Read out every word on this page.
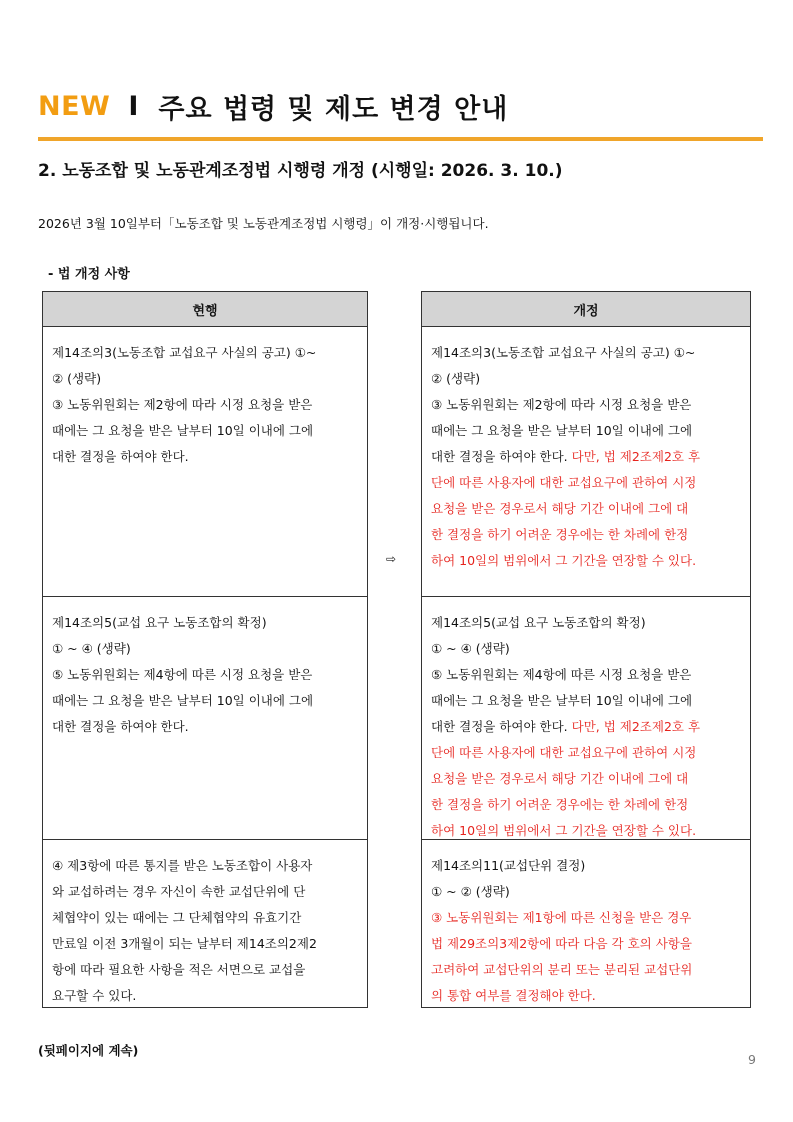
NEW I 주요 법령 및 제도 변경 안내
2. 노동조합 및 노동관계조정법 시행령 개정 (시행일: 2026. 3. 10.)
2026년 3월 10일부터「노동조합 및 노동관계조정법 시행령」이 개정·시행됩니다.
- 법 개정 사항
현행
제14조의3(노동조합 교섭요구 사실의 공고) ①~
② (생략)
③ 노동위원회는 제2항에 따라 시정 요청을 받은
때에는 그 요청을 받은 날부터 10일 이내에 그에
대한 결정을 하여야 한다.
제14조의5(교섭 요구 노동조합의 확정)
① ~ ④ (생략)
⑤ 노동위원회는 제4항에 따른 시정 요청을 받은
때에는 그 요청을 받은 날부터 10일 이내에 그에
대한 결정을 하여야 한다.
④ 제3항에 따른 통지를 받은 노동조합이 사용자
와 교섭하려는 경우 자신이 속한 교섭단위에 단
체협약이 있는 때에는 그 단체협약의 유효기간
만료일 이전 3개월이 되는 날부터 제14조의2제2
항에 따라 필요한 사항을 적은 서면으로 교섭을
요구할 수 있다.
⇨
개정
제14조의3(노동조합 교섭요구 사실의 공고) ①~
② (생략)
③ 노동위원회는 제2항에 따라 시정 요청을 받은
때에는 그 요청을 받은 날부터 10일 이내에 그에
대한 결정을 하여야 한다. 다만, 법 제2조제2호 후
단에 따른 사용자에 대한 교섭요구에 관하여 시정
요청을 받은 경우로서 해당 기간 이내에 그에 대
한 결정을 하기 어려운 경우에는 한 차례에 한정
하여 10일의 범위에서 그 기간을 연장할 수 있다.
제14조의5(교섭 요구 노동조합의 확정)
① ~ ④ (생략)
⑤ 노동위원회는 제4항에 따른 시정 요청을 받은
때에는 그 요청을 받은 날부터 10일 이내에 그에
대한 결정을 하여야 한다. 다만, 법 제2조제2호 후
단에 따른 사용자에 대한 교섭요구에 관하여 시정
요청을 받은 경우로서 해당 기간 이내에 그에 대
한 결정을 하기 어려운 경우에는 한 차례에 한정
하여 10일의 범위에서 그 기간을 연장할 수 있다.
제14조의11(교섭단위 결정)
① ~ ② (생략)
③ 노동위원회는 제1항에 따른 신청을 받은 경우
법 제29조의3제2항에 따라 다음 각 호의 사항을
고려하여 교섭단위의 분리 또는 분리된 교섭단위
의 통합 여부를 결정해야 한다.
(뒷페이지에 계속)
9
